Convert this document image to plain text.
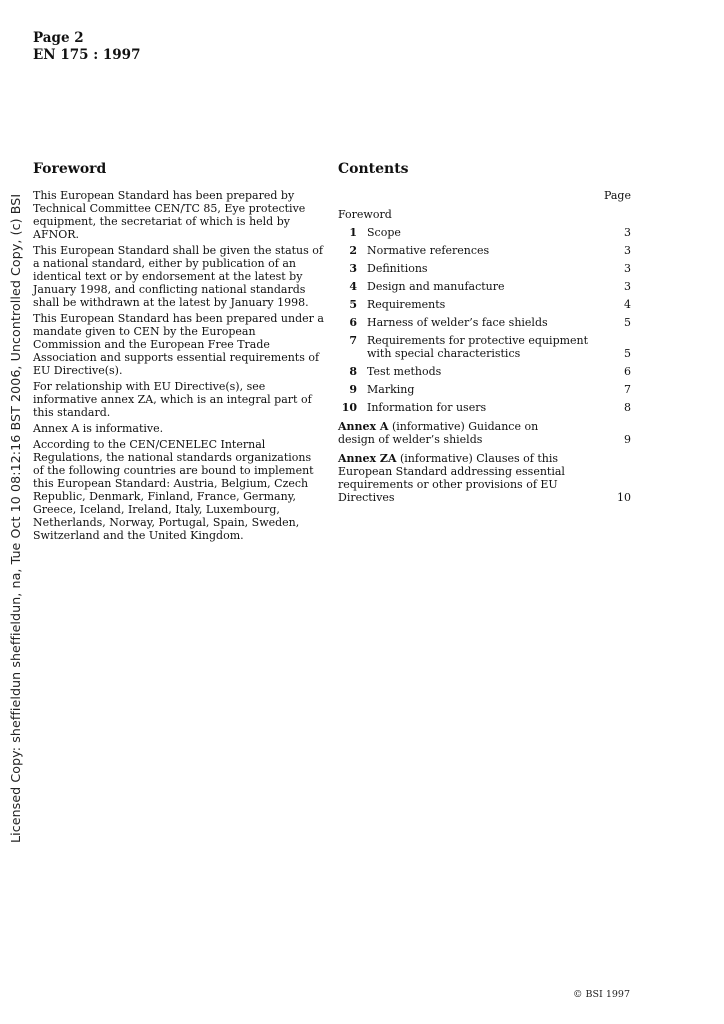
Page 2
EN 175 : 1997
Licensed Copy: sheffieldun sheffieldun, na, Tue Oct 10 08:12:16 BST 2006, Uncontrolled Copy, (c) BSI
Foreword

This European Standard has been prepared by Technical Committee CEN/TC 85, Eye protective equipment, the secretariat of which is held by AFNOR.

This European Standard shall be given the status of a national standard, either by publication of an identical text or by endorsement at the latest by January 1998, and conflicting national standards shall be withdrawn at the latest by January 1998.

This European Standard has been prepared under a mandate given to CEN by the European Commission and the European Free Trade Association and supports essential requirements of EU Directive(s).

For relationship with EU Directive(s), see informative annex ZA, which is an integral part of this standard.

Annex A is informative.

According to the CEN/CENELEC Internal Regulations, the national standards organizations of the following countries are bound to implement this European Standard: Austria, Belgium, Czech Republic, Denmark, Finland, France, Germany, Greece, Iceland, Ireland, Italy, Luxembourg, Netherlands, Norway, Portugal, Spain, Sweden, Switzerland and the United Kingdom.

Contents
Page
Foreword
1 Scope	3
2 Normative references	3
3 Definitions	3
4 Design and manufacture	3
5 Requirements	4
6 Harness of welder’s face shields	5
7 Requirements for protective equipment with special characteristics	5
8 Test methods	6
9 Marking	7
10 Information for users	8
Annex A (informative) Guidance on design of welder’s shields	9
Annex ZA (informative) Clauses of this European Standard addressing essential requirements or other provisions of EU Directives	10
© BSI 1997
